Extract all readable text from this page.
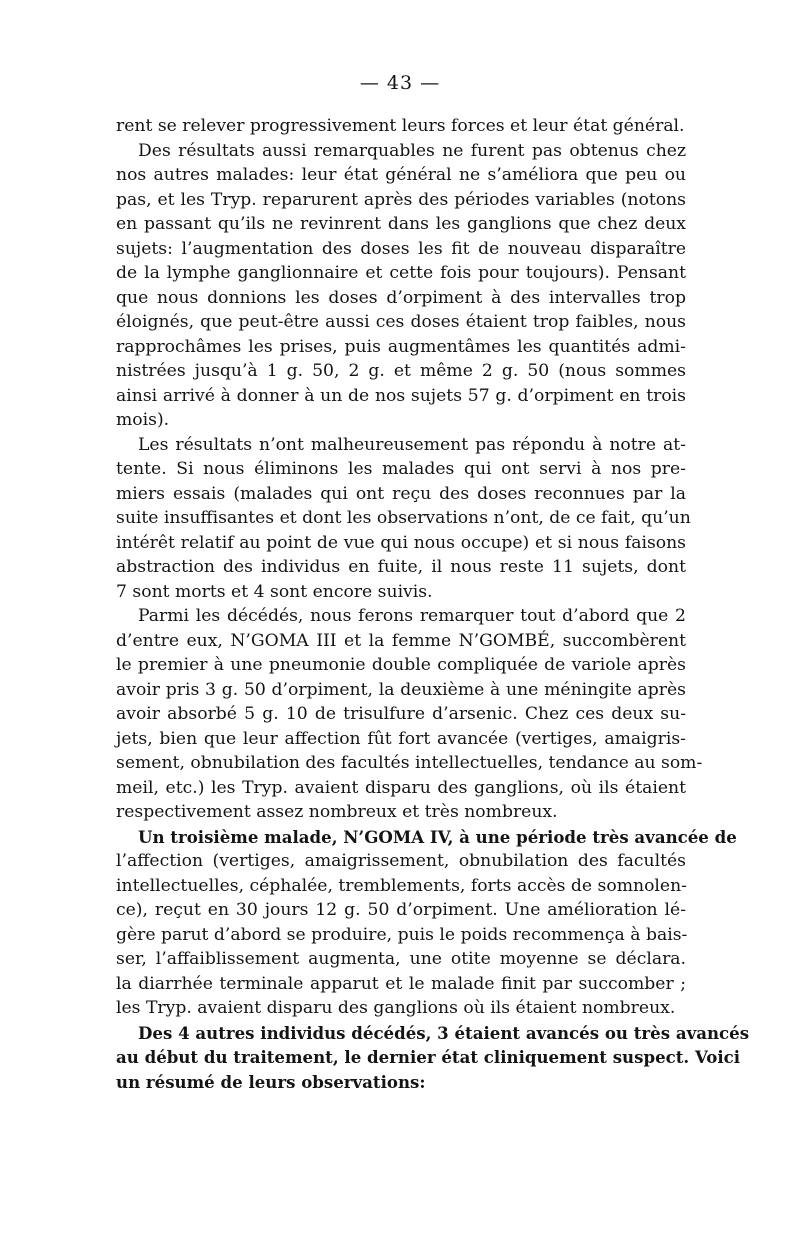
— 43 —
rent se relever progressivement leurs forces et leur état général.
Des résultats aussi remarquables ne furent pas obtenus chez
nos autres malades: leur état général ne s’améliora que peu ou
pas, et les Tryp. reparurent après des périodes variables (notons
en passant qu’ils ne revinrent dans les ganglions que chez deux
sujets: l’augmentation des doses les fit de nouveau disparaître
de la lymphe ganglionnaire et cette fois pour toujours). Pensant
que nous donnions les doses d’orpiment à des intervalles trop
éloignés, que peut-être aussi ces doses étaient trop faibles, nous
rapprochâmes les prises, puis augmentâmes les quantités admi-
nistrées jusqu’à 1 g. 50, 2 g. et même 2 g. 50 (nous sommes
ainsi arrivé à donner à un de nos sujets 57 g. d’orpiment en trois
mois).
Les résultats n’ont malheureusement pas répondu à notre at-
tente. Si nous éliminons les malades qui ont servi à nos pre-
miers essais (malades qui ont reçu des doses reconnues par la
suite insuffisantes et dont les observations n’ont, de ce fait, qu’un
intérêt relatif au point de vue qui nous occupe) et si nous faisons
abstraction des individus en fuite, il nous reste 11 sujets, dont
7 sont morts et 4 sont encore suivis.
Parmi les décédés, nous ferons remarquer tout d’abord que 2
d’entre eux, N’GOMA III et la femme N’GOMBÉ, succombèrent
le premier à une pneumonie double compliquée de variole après
avoir pris 3 g. 50 d’orpiment, la deuxième à une méningite après
avoir absorbé 5 g. 10 de trisulfure d’arsenic. Chez ces deux su-
jets, bien que leur affection fût fort avancée (vertiges, amaigris-
sement, obnubilation des facultés intellectuelles, tendance au som-
meil, etc.) les Tryp. avaient disparu des ganglions, où ils étaient
respectivement assez nombreux et très nombreux.
Un troisième malade, N’GOMA IV, à une période très avancée de
l’affection (vertiges, amaigrissement, obnubilation des facultés
intellectuelles, céphalée, tremblements, forts accès de somnolen-
ce), reçut en 30 jours 12 g. 50 d’orpiment. Une amélioration lé-
gère parut d’abord se produire, puis le poids recommença à bais-
ser, l’affaiblissement augmenta, une otite moyenne se déclara.
la diarrhée terminale apparut et le malade finit par succomber ;
les Tryp. avaient disparu des ganglions où ils étaient nombreux.
Des 4 autres individus décédés, 3 étaient avancés ou très avancés
au début du traitement, le dernier état cliniquement suspect. Voici
un résumé de leurs observations:
